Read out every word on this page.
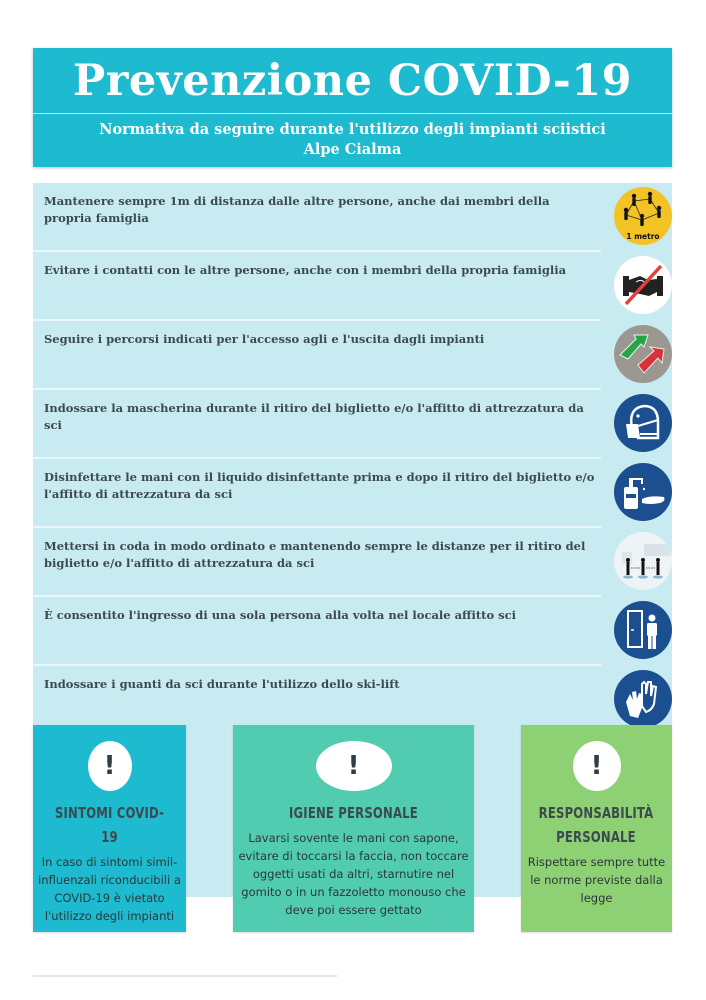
Prevenzione COVID-19
Normativa da seguire durante l'utilizzo degli impianti sciistici
Alpe Cialma
Mantenere sempre 1m di distanza dalle altre persone, anche dai membri della propria famiglia
1 metro
Evitare i contatti con le altre persone, anche con i membri della propria famiglia
Seguire i percorsi indicati per l'accesso agli e l'uscita dagli impianti
Indossare la mascherina durante il ritiro del biglietto e/o l'affitto di attrezzatura da sci
Disinfettare le mani con il liquido disinfettante prima e dopo il ritiro del biglietto e/o l'affitto di attrezzatura da sci
Mettersi in coda in modo ordinato e mantenendo sempre le distanze per il ritiro del biglietto e/o l'affitto di attrezzatura da sci
È consentito l'ingresso di una sola persona alla volta nel locale affitto sci
Indossare i guanti da sci durante l'utilizzo dello ski-lift
!
SINTOMI COVID-19
In caso di sintomi simil-influenzali riconducibili a COVID-19 è vietato l'utilizzo degli impianti
!
IGIENE PERSONALE
Lavarsi sovente le mani con sapone, evitare di toccarsi la faccia, non toccare oggetti usati da altri, starnutire nel gomito o in un fazzoletto monouso che deve poi essere gettato
!
RESPONSABILITÀ PERSONALE
Rispettare sempre tutte le norme previste dalla legge
